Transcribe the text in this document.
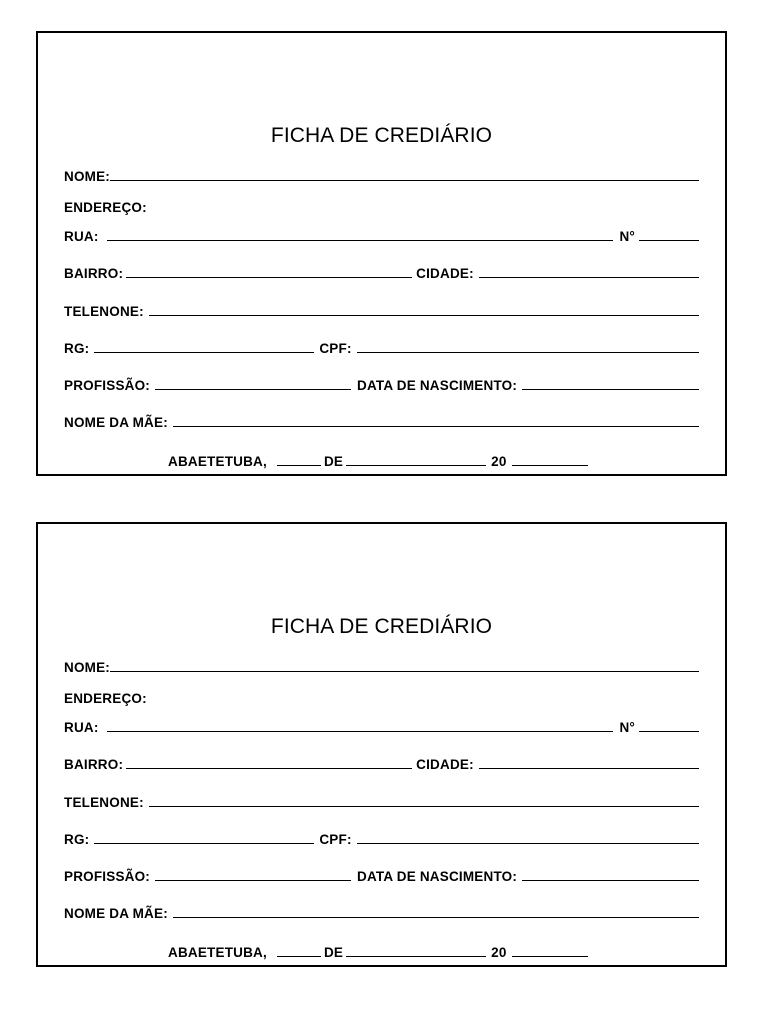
FICHA DE CREDIÁRIO
NOME:
ENDEREÇO:
RUA:	N°
BAIRRO:	CIDADE:
TELENONE:
RG:	CPF:
PROFISSÃO:	DATA DE NASCIMENTO:
NOME DA MÃE:
ABAETETUBA,	DE	20
FICHA DE CREDIÁRIO
NOME:
ENDEREÇO:
RUA:	N°
BAIRRO:	CIDADE:
TELENONE:
RG:	CPF:
PROFISSÃO:	DATA DE NASCIMENTO:
NOME DA MÃE:
ABAETETUBA,	DE	20
